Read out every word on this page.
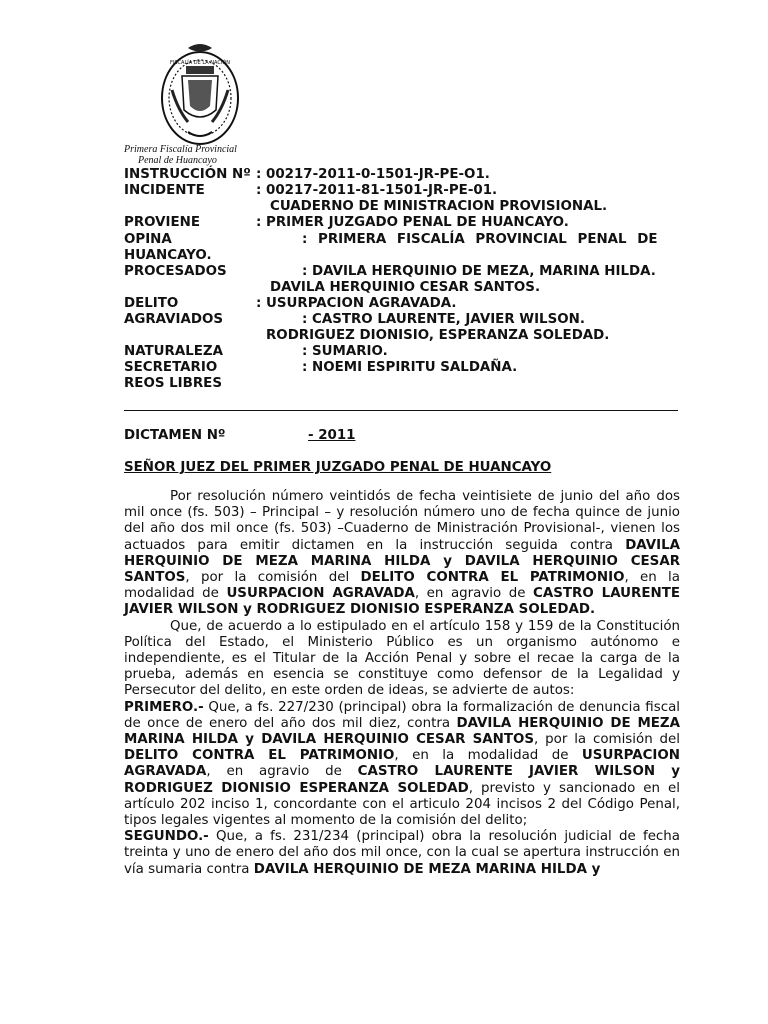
FISCALÍA DE LA NACIÓN
Primera Fiscalía Provincial
Penal de Huancayo
INSTRUCCIÓN Nº : 00217-2011-0-1501-JR-PE-O1.
INCIDENTE	: 00217-2011-81-1501-JR-PE-01.
CUADERNO DE MINISTRACION PROVISIONAL.
PROVIENE	: PRIMER JUZGADO PENAL DE HUANCAYO.
OPINA	: PRIMERA FISCALÍA PROVINCIAL PENAL DE
HUANCAYO.
PROCESADOS	: DAVILA HERQUINIO DE MEZA, MARINA HILDA.
DAVILA HERQUINIO CESAR SANTOS.
DELITO	: USURPACION AGRAVADA.
AGRAVIADOS	: CASTRO LAURENTE, JAVIER WILSON.
RODRIGUEZ DIONISIO, ESPERANZA SOLEDAD.
NATURALEZA	: SUMARIO.
SECRETARIO	: NOEMI ESPIRITU SALDAÑA.
REOS LIBRES
DICTAMEN Nº	- 2011
SEÑOR JUEZ DEL PRIMER JUZGADO PENAL DE HUANCAYO

Por resolución número veintidós de fecha veintisiete de junio del año dos mil once (fs. 503) – Principal – y resolución número uno de fecha quince de junio del año dos mil once (fs. 503) –Cuaderno de Ministración Provisional-, vienen los actuados para emitir dictamen en la instrucción seguida contra DAVILA HERQUINIO DE MEZA MARINA HILDA y DAVILA HERQUINIO CESAR SANTOS, por la comisión del DELITO CONTRA EL PATRIMONIO, en la modalidad de USURPACION AGRAVADA, en agravio de CASTRO LAURENTE JAVIER WILSON y RODRIGUEZ DIONISIO ESPERANZA SOLEDAD.

Que, de acuerdo a lo estipulado en el artículo 158 y 159 de la Constitución Política del Estado, el Ministerio Público es un organismo autónomo e independiente, es el Titular de la Acción Penal y sobre el recae la carga de la prueba, además en esencia se constituye como defensor de la Legalidad y Persecutor del delito, en este orden de ideas, se advierte de autos:

PRIMERO.- Que, a fs. 227/230 (principal) obra la formalización de denuncia fiscal de once de enero del año dos mil diez, contra DAVILA HERQUINIO DE MEZA MARINA HILDA y DAVILA HERQUINIO CESAR SANTOS, por la comisión del DELITO CONTRA EL PATRIMONIO, en la modalidad de USURPACION AGRAVADA, en agravio de CASTRO LAURENTE JAVIER WILSON y RODRIGUEZ DIONISIO ESPERANZA SOLEDAD, previsto y sancionado en el artículo 202 inciso 1, concordante con el articulo 204 incisos 2 del Código Penal, tipos legales vigentes al momento de la comisión del delito;

SEGUNDO.- Que, a fs. 231/234 (principal) obra la resolución judicial de fecha treinta y uno de enero del año dos mil once, con la cual se apertura instrucción en vía sumaria contra DAVILA HERQUINIO DE MEZA MARINA HILDA y
